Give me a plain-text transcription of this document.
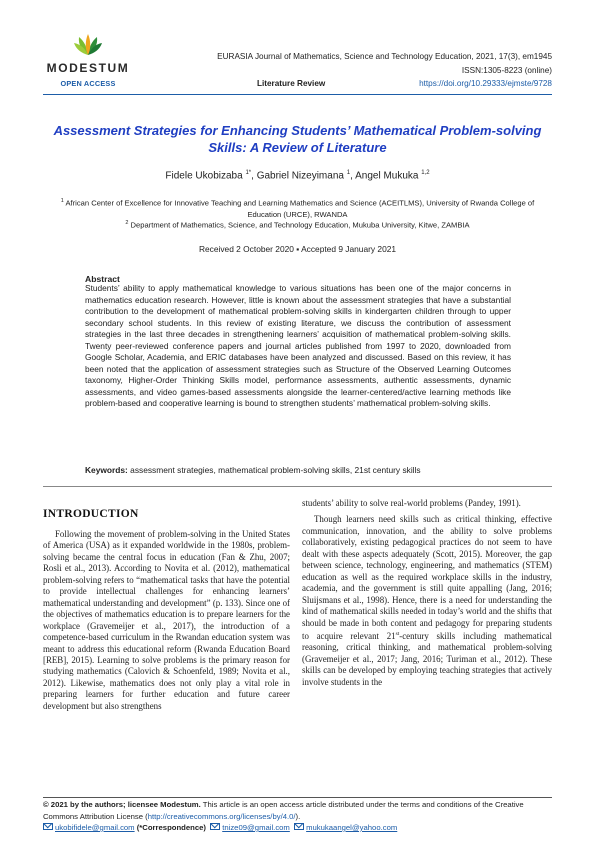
MODESTUM
OPEN ACCESS
EURASIA Journal of Mathematics, Science and Technology Education, 2021, 17(3), em1945
ISSN:1305-8223 (online)
Literature Review	https://doi.org/10.29333/ejmste/9728
Assessment Strategies for Enhancing Students’ Mathematical Problem-solving Skills: A Review of Literature
Fidele Ukobizaba $^{1*}$, Gabriel Nizeyimana $^1$, Angel Mukuka $^{1,2}$
$^1$ African Center of Excellence for Innovative Teaching and Learning Mathematics and Science (ACEITLMS), University of Rwanda College of Education (URCE), RWANDA
$^2$ Department of Mathematics, Science, and Technology Education, Mukuba University, Kitwe, ZAMBIA
Received 2 October 2020 ▪ Accepted 9 January 2021
Abstract
Students’ ability to apply mathematical knowledge to various situations has been one of the major concerns in mathematics education research. However, little is known about the assessment strategies that have a substantial contribution to the development of mathematical problem-solving skills in kindergarten children through to upper secondary school students. In this review of existing literature, we discuss the contribution of assessment strategies in the last three decades in strengthening learners’ acquisition of mathematical problem-solving skills. Twenty peer-reviewed conference papers and journal articles published from 1997 to 2020, downloaded from Google Scholar, Academia, and ERIC databases have been analyzed and discussed. Based on this review, it has been noted that the application of assessment strategies such as Structure of the Observed Learning Outcomes taxonomy, Higher-Order Thinking Skills model, performance assessments, authentic assessments, dynamic assessments, and video games-based assessments alongside the learner-centered/active learning methods like problem-based and cooperative learning is bound to strengthen students’ mathematical problem-solving skills.
Keywords: assessment strategies, mathematical problem-solving skills, 21st century skills
INTRODUCTION

Following the movement of problem-solving in the United States of America (USA) as it expanded worldwide in the 1980s, problem-solving became the central focus in education (Fan & Zhu, 2007; Rosli et al., 2013). According to Novita et al. (2012), mathematical problem-solving refers to “mathematical tasks that have the potential to provide intellectual challenges for enhancing learners’ mathematical understanding and development” (p. 133). Since one of the objectives of mathematics education is to prepare learners for the workplace (Gravemeijer et al., 2017), the introduction of a competence-based curriculum in the Rwandan education system was meant to address this educational reform (Rwanda Education Board [REB], 2015). Learning to solve problems is the primary reason for studying mathematics (Calovich & Schoenfeld, 1989; Novita et al., 2012). Likewise, mathematics does not only play a vital role in preparing learners for further education and future career development but also strengthens

students’ ability to solve real-world problems (Pandey, 1991).

Though learners need skills such as critical thinking, effective communication, innovation, and the ability to solve problems collaboratively, existing pedagogical practices do not seem to have dealt with these aspects adequately (Scott, 2015). Moreover, the gap between science, technology, engineering, and mathematics (STEM) education as well as the required workplace skills in the industry, academia, and the government is still quite appalling (Jang, 2016; Sluijsmans et al., 1998). Hence, there is a need for understanding the kind of mathematical skills needed in today’s world and the shifts that should be made in both content and pedagogy for preparing students to acquire relevant 21st-century skills including mathematical reasoning, critical thinking, and mathematical problem-solving (Gravemeijer et al., 2017; Jang, 2016; Turiman et al., 2012). These skills can be developed by employing teaching strategies that actively involve students in the

© 2021 by the authors; licensee Modestum. This article is an open access article distributed under the terms and conditions of the Creative Commons Attribution License (http://creativecommons.org/licenses/by/4.0/).
ukobifidele@gmail.com (*Correspondence) tnize09@gmail.com mukukaangel@yahoo.com
